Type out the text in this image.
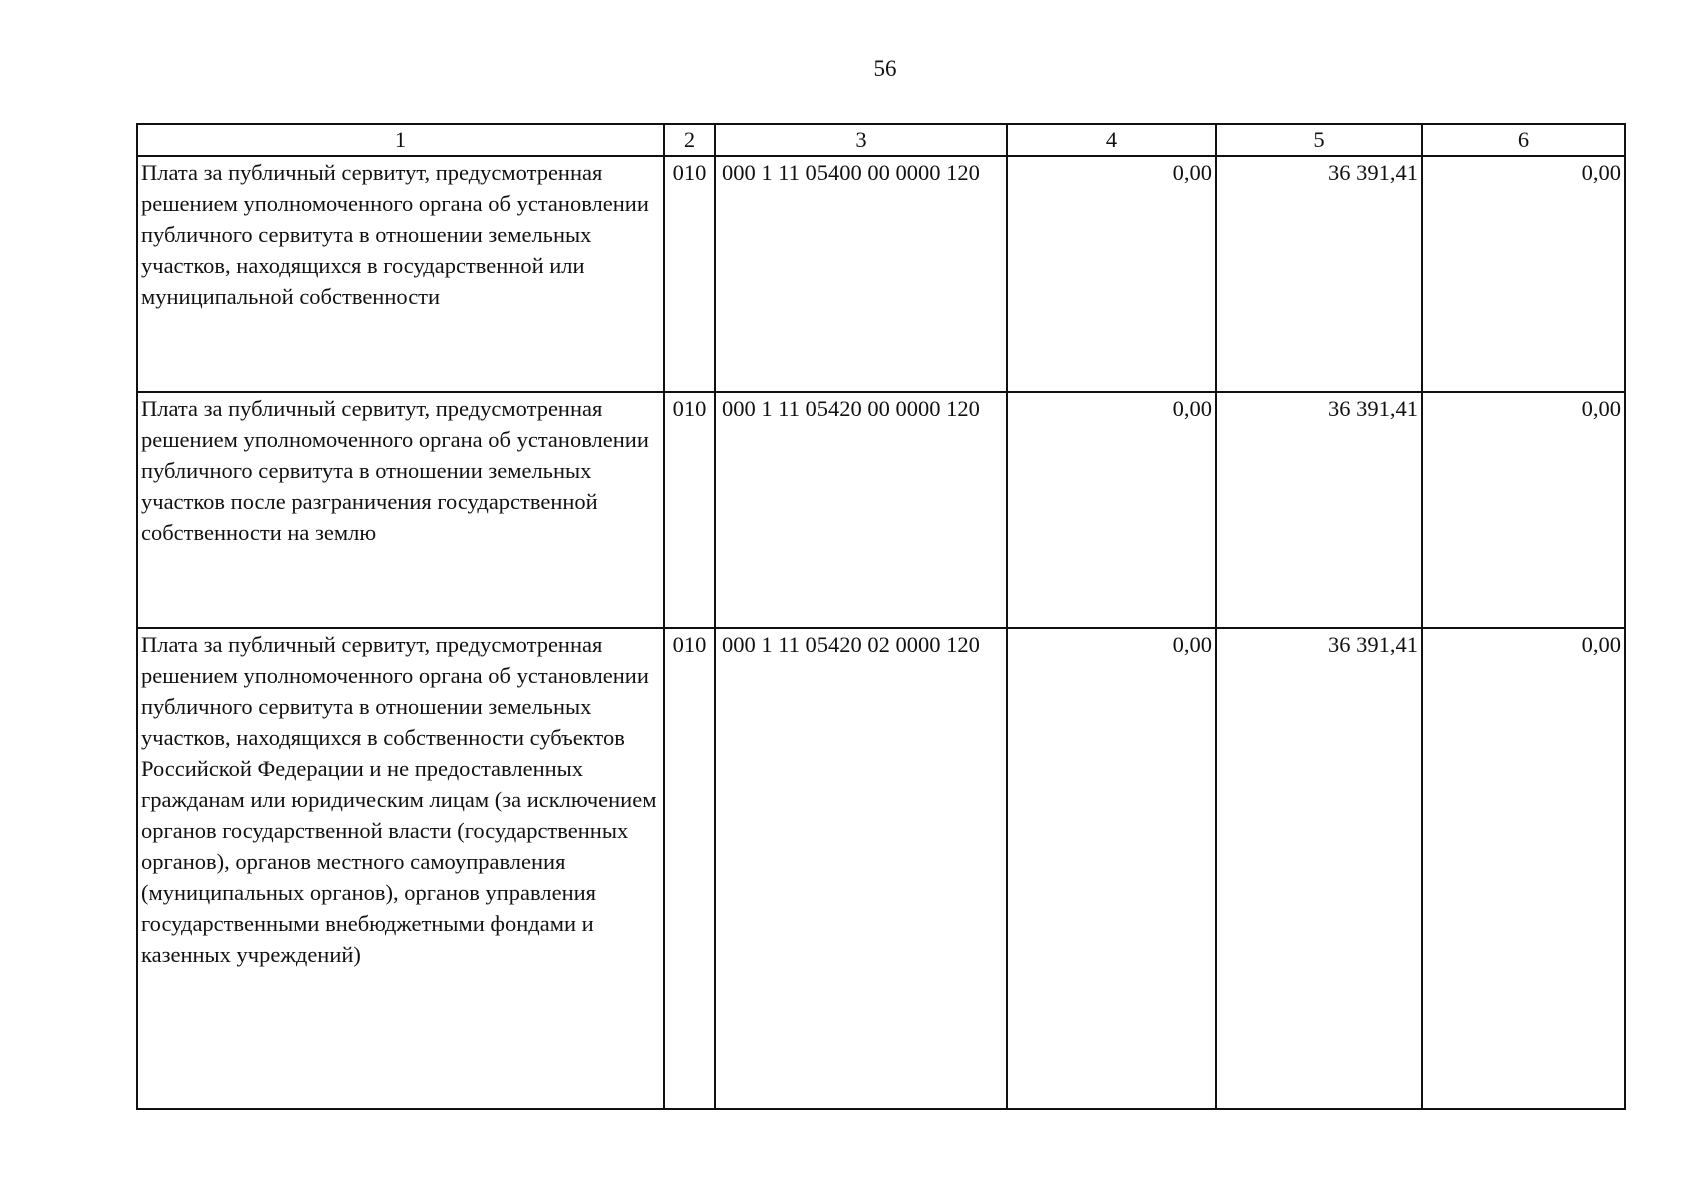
56
1	2	3	4	5	6
Плата за публичный сервитут, предусмотренная решением уполномоченного органа об установлении публичного сервитута в отношении земельных участков, находящихся в государственной или муниципальной собственности	010	000 1 11 05400 00 0000 120	0,00	36 391,41	0,00
Плата за публичный сервитут, предусмотренная решением уполномоченного органа об установлении публичного сервитута в отношении земельных участков после разграничения государственной собственности на землю	010	000 1 11 05420 00 0000 120	0,00	36 391,41	0,00
Плата за публичный сервитут, предусмотренная решением уполномоченного органа об установлении публичного сервитута в отношении земельных участков, находящихся в собственности субъектов Российской Федерации и не предоставленных гражданам или юридическим лицам (за исключением органов государственной власти (государственных органов), органов местного самоуправления (муниципальных органов), органов управления государственными внебюджетными фондами и казенных учреждений)	010	000 1 11 05420 02 0000 120	0,00	36 391,41	0,00
